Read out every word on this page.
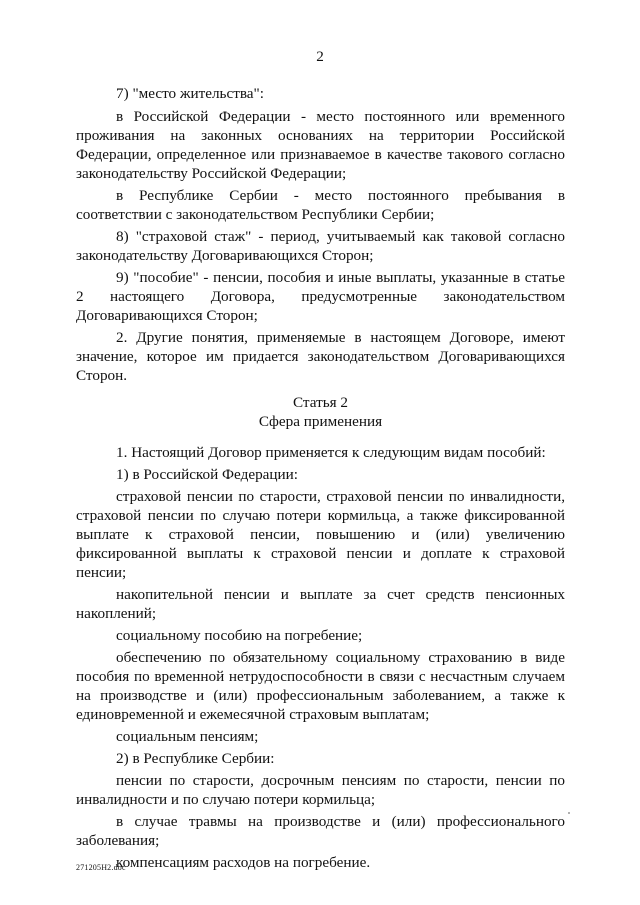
2

7) "место жительства":

в Российской Федерации - место постоянного или временного проживания на законных основаниях на территории Российской Федерации, определенное или признаваемое в качестве такового согласно законодательству Российской Федерации;

в Республике Сербии - место постоянного пребывания в соответствии с законодательством Республики Сербии;

8) "страховой стаж" - период, учитываемый как таковой согласно законодательству Договаривающихся Сторон;

9) "пособие" - пенсии, пособия и иные выплаты, указанные в статье 2 настоящего Договора, предусмотренные законодательством Договаривающихся Сторон;

2. Другие понятия, применяемые в настоящем Договоре, имеют значение, которое им придается законодательством Договаривающихся Сторон.

Статья 2

Сфера применения

1. Настоящий Договор применяется к следующим видам пособий:

1) в Российской Федерации:

страховой пенсии по старости, страховой пенсии по инвалидности, страховой пенсии по случаю потери кормильца, а также фиксированной выплате к страховой пенсии, повышению и (или) увеличению фиксированной выплаты к страховой пенсии и доплате к страховой пенсии;

накопительной пенсии и выплате за счет средств пенсионных накоплений;

социальному пособию на погребение;

обеспечению по обязательному социальному страхованию в виде пособия по временной нетрудоспособности в связи с несчастным случаем на производстве и (или) профессиональным заболеванием, а также к единовременной и ежемесячной страховым выплатам;

социальным пенсиям;

2) в Республике Сербии:

пенсии по старости, досрочным пенсиям по старости, пенсии по инвалидности и по случаю потери кормильца;

в случае травмы на производстве и (или) профессионального заболевания;

компенсациям расходов на погребение.

271205Н2.doc
